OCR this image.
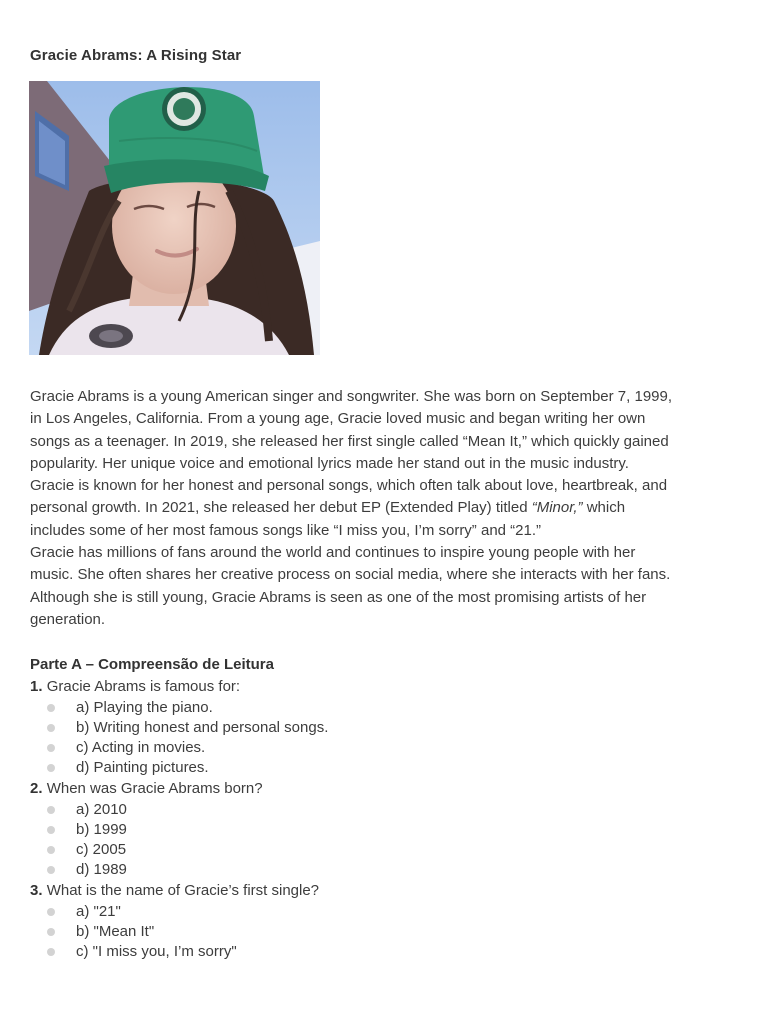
Gracie Abrams: A Rising Star

Gracie Abrams is a young American singer and songwriter. She was born on September 7, 1999,
in Los Angeles, California. From a young age, Gracie loved music and began writing her own
songs as a teenager. In 2019, she released her first single called “Mean It,” which quickly gained
popularity. Her unique voice and emotional lyrics made her stand out in the music industry.
Gracie is known for her honest and personal songs, which often talk about love, heartbreak, and
personal growth. In 2021, she released her debut EP (Extended Play) titled “Minor,” which
includes some of her most famous songs like “I miss you, I’m sorry” and “21.”

Gracie has millions of fans around the world and continues to inspire young people with her
music. She often shares her creative process on social media, where she interacts with her fans.
Although she is still young, Gracie Abrams is seen as one of the most promising artists of her
generation.

Parte A – Compreensão de Leitura
1. Gracie Abrams is famous for:
a) Playing the piano.
b) Writing honest and personal songs.
c) Acting in movies.
d) Painting pictures.
2. When was Gracie Abrams born?
a) 2010
b) 1999
c) 2005
d) 1989
3. What is the name of Gracie’s first single?
a) "21"
b) "Mean It"
c) "I miss you, I’m sorry"
